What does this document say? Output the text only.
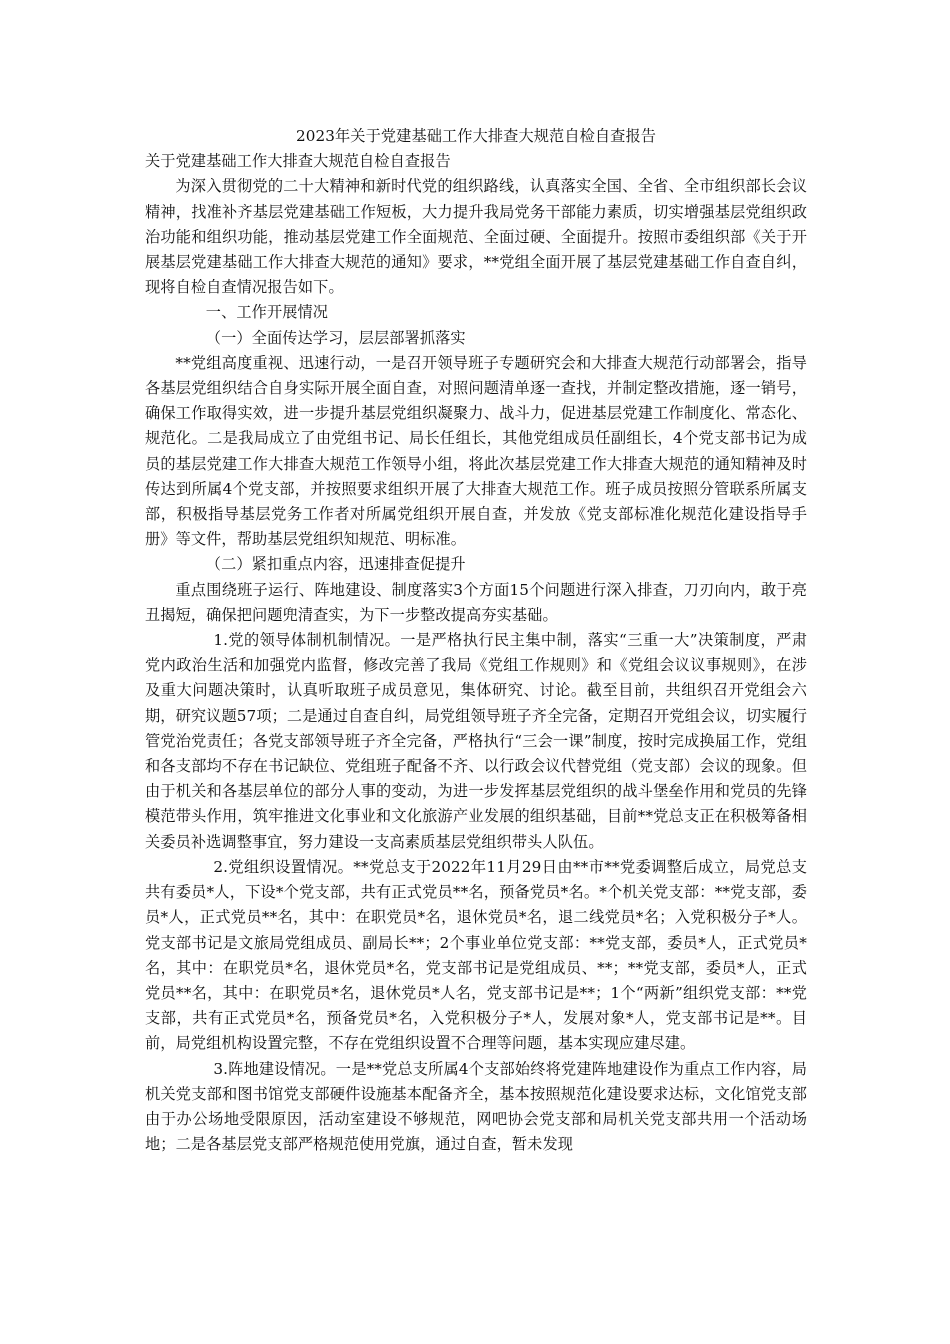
2023年关于党建基础工作大排查大规范自检自查报告
关于党建基础工作大排查大规范自检自查报告

为深入贯彻党的二十大精神和新时代党的组织路线，认真落实全国、全省、全市组织部长会议精神，找准补齐基层党建基础工作短板，大力提升我局党务干部能力素质，切实增强基层党组织政治功能和组织功能，推动基层党建工作全面规范、全面过硬、全面提升。按照市委组织部《关于开展基层党建基础工作大排查大规范的通知》要求，**党组全面开展了基层党建基础工作自查自纠，现将自检自查情况报告如下。

一、工作开展情况

（一）全面传达学习，层层部署抓落实

**党组高度重视、迅速行动，一是召开领导班子专题研究会和大排查大规范行动部署会，指导各基层党组织结合自身实际开展全面自查，对照问题清单逐一查找，并制定整改措施，逐一销号，确保工作取得实效，进一步提升基层党组织凝聚力、战斗力，促进基层党建工作制度化、常态化、规范化。二是我局成立了由党组书记、局长任组长，其他党组成员任副组长，4个党支部书记为成员的基层党建工作大排查大规范工作领导小组，将此次基层党建工作大排查大规范的通知精神及时传达到所属4个党支部，并按照要求组织开展了大排查大规范工作。班子成员按照分管联系所属支部，积极指导基层党务工作者对所属党组织开展自查，并发放《党支部标准化规范化建设指导手册》等文件，帮助基层党组织知规范、明标准。

（二）紧扣重点内容，迅速排查促提升

重点围绕班子运行、阵地建设、制度落实3个方面15个问题进行深入排查，刀刃向内，敢于亮丑揭短，确保把问题兜清查实，为下一步整改提高夯实基础。

1.党的领导体制机制情况。一是严格执行民主集中制，落实“三重一大”决策制度，严肃党内政治生活和加强党内监督，修改完善了我局《党组工作规则》和《党组会议议事规则》，在涉及重大问题决策时，认真听取班子成员意见，集体研究、讨论。截至目前，共组织召开党组会六期，研究议题57项；二是通过自查自纠，局党组领导班子齐全完备，定期召开党组会议，切实履行管党治党责任；各党支部领导班子齐全完备，严格执行“三会一课”制度，按时完成换届工作，党组和各支部均不存在书记缺位、党组班子配备不齐、以行政会议代替党组（党支部）会议的现象。但由于机关和各基层单位的部分人事的变动，为进一步发挥基层党组织的战斗堡垒作用和党员的先锋模范带头作用，筑牢推进文化事业和文化旅游产业发展的组织基础，目前**党总支正在积极筹备相关委员补选调整事宜，努力建设一支高素质基层党组织带头人队伍。

2.党组织设置情况。**党总支于2022年11月29日由**市**党委调整后成立，局党总支共有委员*人，下设*个党支部，共有正式党员**名，预备党员*名。*个机关党支部：**党支部，委员*人，正式党员**名，其中：在职党员*名，退休党员*名，退二线党员*名；入党积极分子*人。党支部书记是文旅局党组成员、副局长**；2个事业单位党支部：**党支部，委员*人，正式党员*名，其中：在职党员*名，退休党员*名，党支部书记是党组成员、**；**党支部，委员*人，正式党员**名，其中：在职党员*名，退休党员*人名，党支部书记是**；1个“两新”组织党支部：**党支部，共有正式党员*名，预备党员*名，入党积极分子*人，发展对象*人，党支部书记是**。目前，局党组机构设置完整，不存在党组织设置不合理等问题，基本实现应建尽建。

3.阵地建设情况。一是**党总支所属4个支部始终将党建阵地建设作为重点工作内容，局机关党支部和图书馆党支部硬件设施基本配备齐全，基本按照规范化建设要求达标，文化馆党支部由于办公场地受限原因，活动室建设不够规范，网吧协会党支部和局机关党支部共用一个活动场地；二是各基层党支部严格规范使用党旗，通过自查，暂未发现
